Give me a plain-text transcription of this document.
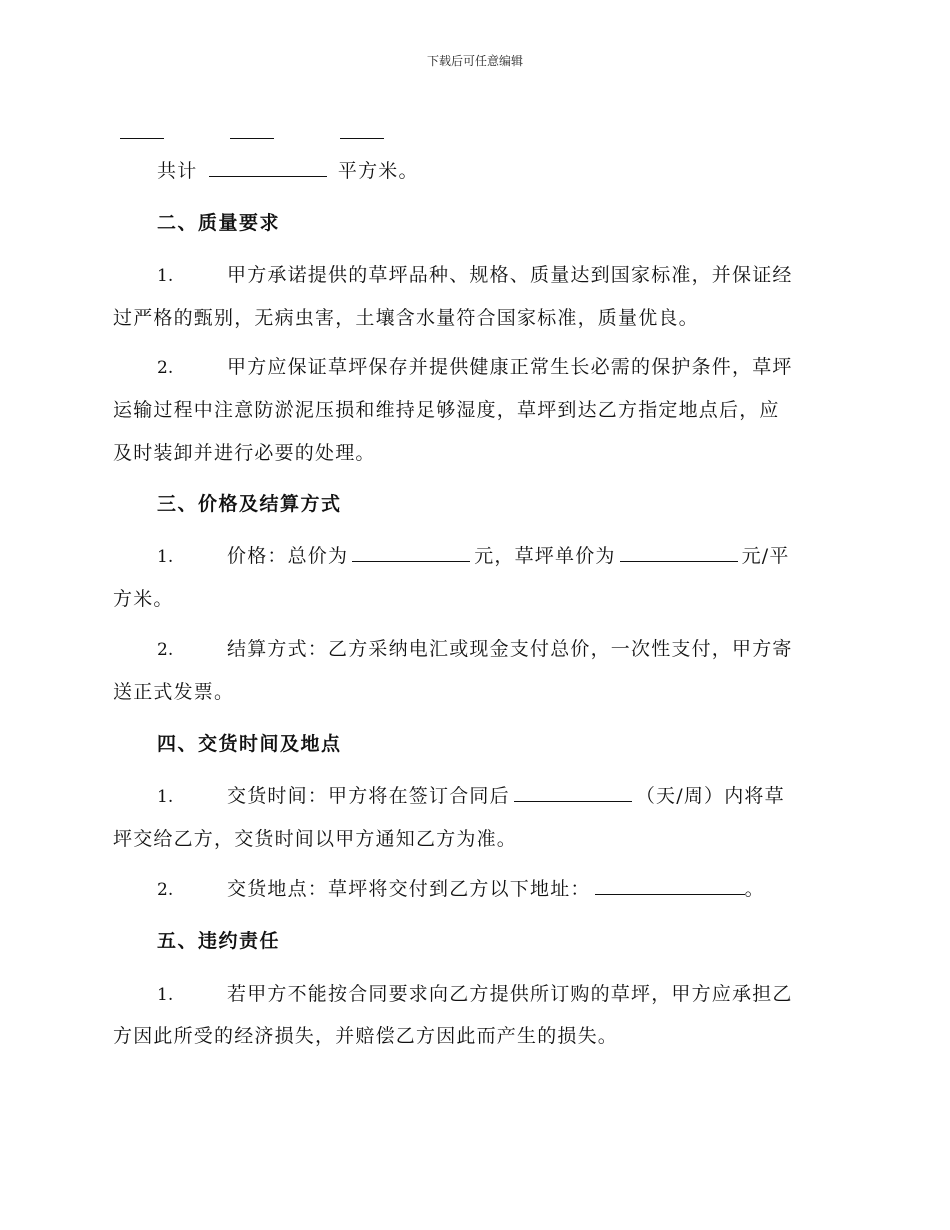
下载后可任意编辑
共计	平方米。
二、质量要求
1.	甲方承诺提供的草坪品种、规格、质量达到国家标准，并保证经
过严格的甄别，无病虫害，土壤含水量符合国家标准，质量优良。
2.	甲方应保证草坪保存并提供健康正常生长必需的保护条件，草坪
运输过程中注意防淤泥压损和维持足够湿度，草坪到达乙方指定地点后，应
及时装卸并进行必要的处理。
三、价格及结算方式
1.	价格：总价为	元，草坪单价为	元/平
方米。
2.	结算方式：乙方采纳电汇或现金支付总价，一次性支付，甲方寄
送正式发票。
四、交货时间及地点
1.	交货时间：甲方将在签订合同后	（天/周）内将草
坪交给乙方，交货时间以甲方通知乙方为准。
2.	交货地点：草坪将交付到乙方以下地址：	。
五、违约责任
1.	若甲方不能按合同要求向乙方提供所订购的草坪，甲方应承担乙
方因此所受的经济损失，并赔偿乙方因此而产生的损失。
